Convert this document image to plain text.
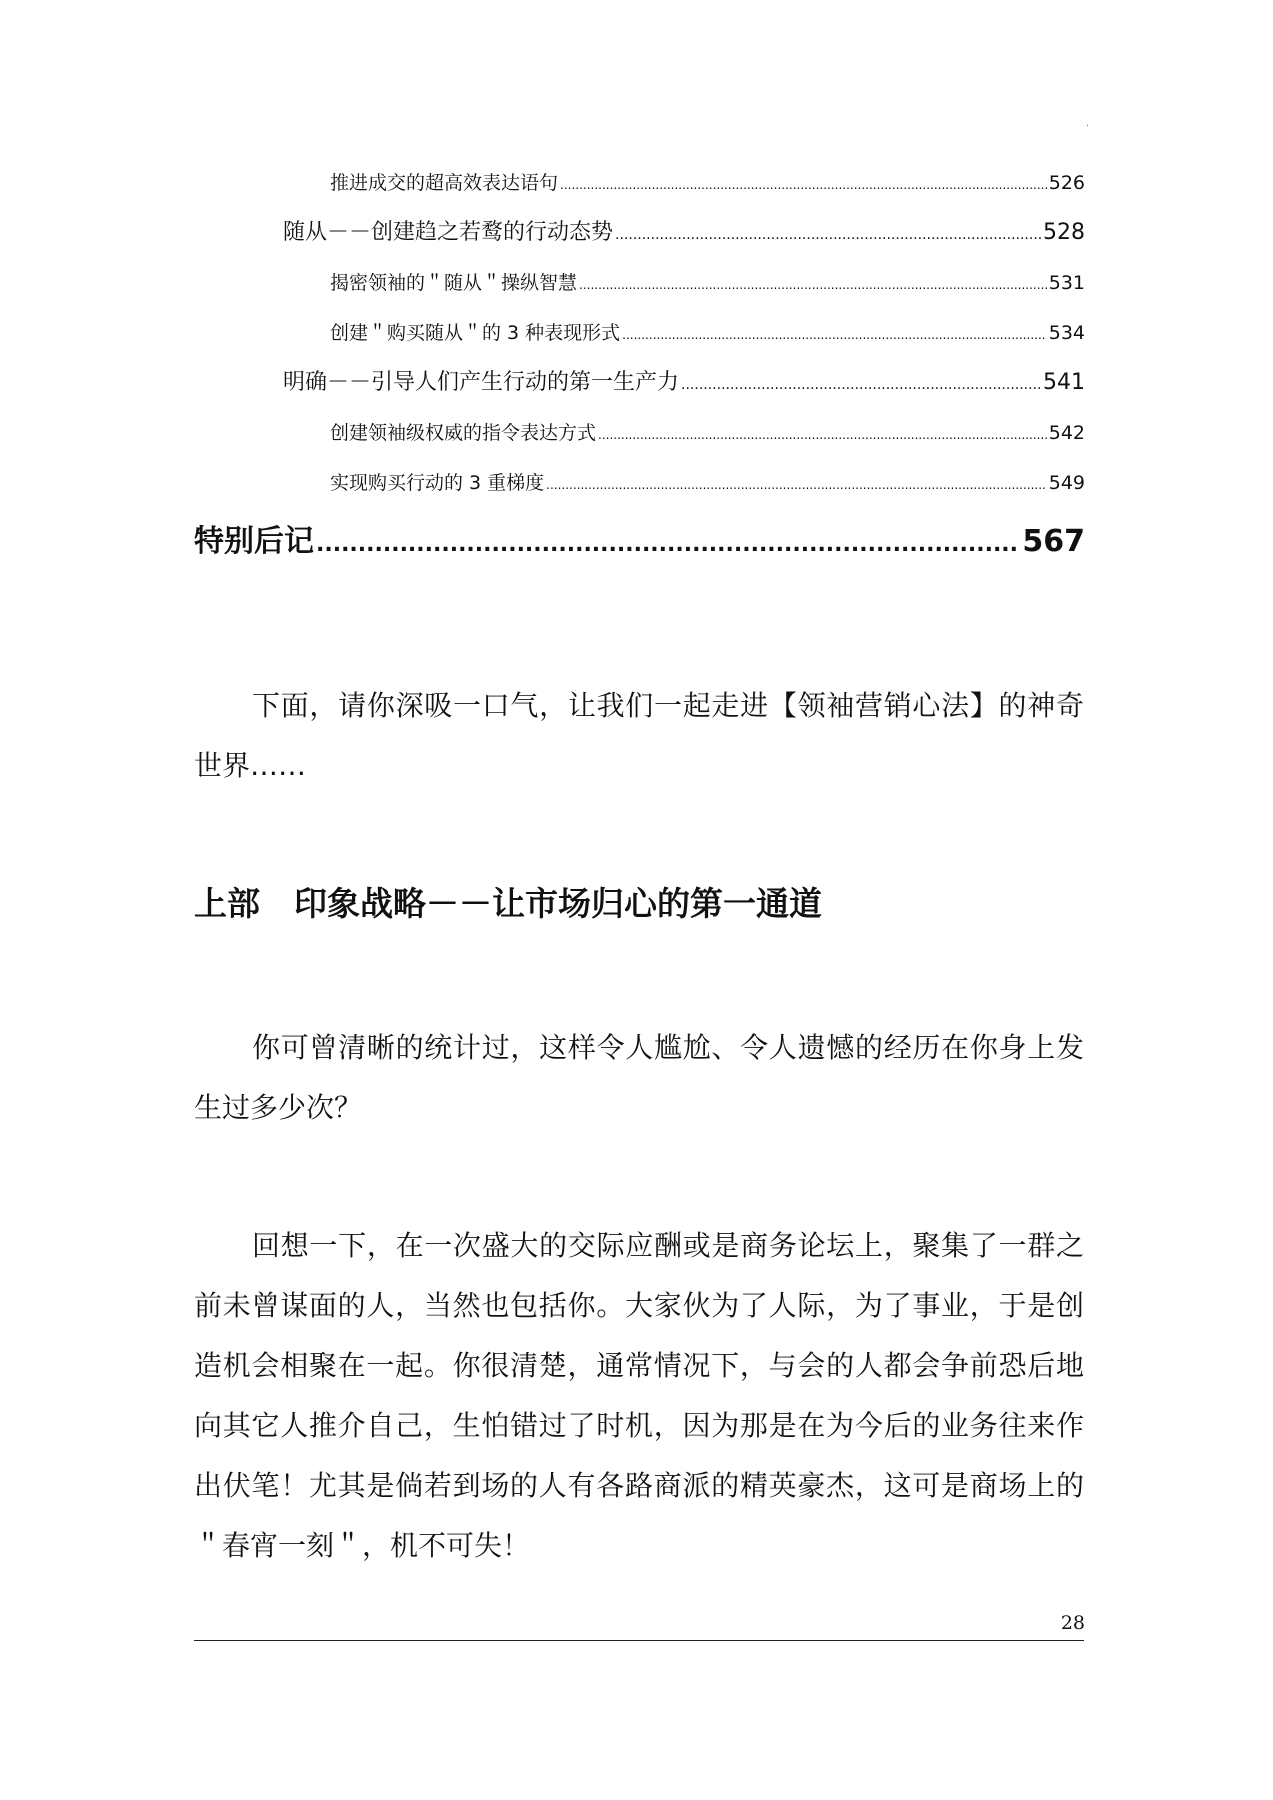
.
推进成交的超高效表达语句 .....	526
随从－－创建趋之若鹜的行动态势 .....	528
揭密领袖的＂随从＂操纵智慧 .....	531
创建＂购买随从＂的 3 种表现形式 .....	534
明确－－引导人们产生行动的第一生产力 .....	541
创建领袖级权威的指令表达方式 .....	542
实现购买行动的 3 重梯度 .....	549
特别后记 .....	567

下面，请你深吸一口气，让我们一起走进【领袖营销心法】的神奇世界……

上部 印象战略－－让市场归心的第一通道

你可曾清晰的统计过，这样令人尴尬、令人遗憾的经历在你身上发生过多少次？

回想一下，在一次盛大的交际应酬或是商务论坛上，聚集了一群之前未曾谋面的人，当然也包括你。大家伙为了人际，为了事业，于是创造机会相聚在一起。你很清楚，通常情况下，与会的人都会争前恐后地向其它人推介自己，生怕错过了时机，因为那是在为今后的业务往来作出伏笔！尤其是倘若到场的人有各路商派的精英豪杰，这可是商场上的＂春宵一刻＂，机不可失！

28
